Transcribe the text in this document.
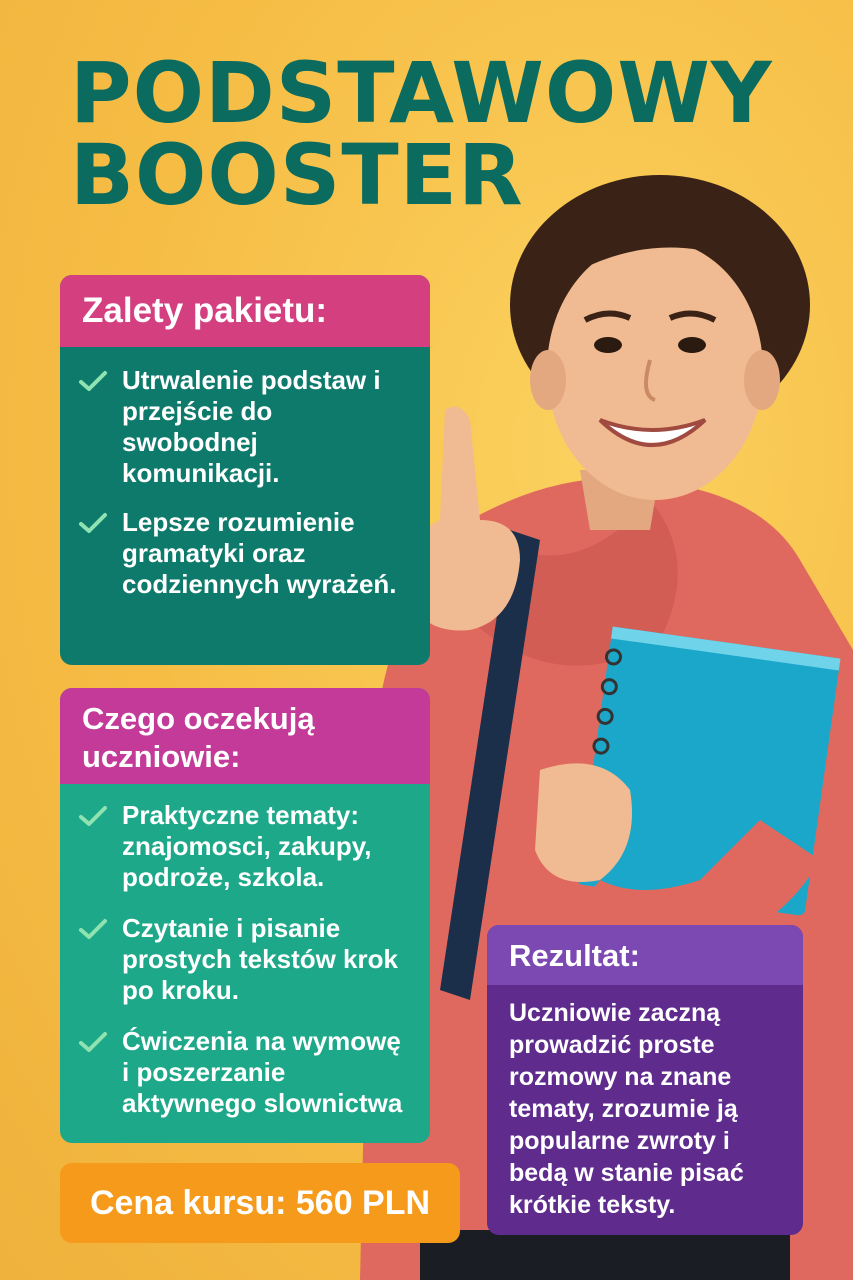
PODSTAWOWY
BOOSTER
Zalety pakietu:
Utrwalenie podstaw i przejście do swobodnej komunikacji.
Lepsze rozumienie gramatyki oraz codziennych wyrażeń.
Czego oczekują uczniowie:
Praktyczne tematy: znajomosci, zakupy, podroże, szkola.
Czytanie i pisanie prostych tekstów krok po kroku.
Ćwiczenia na wymowę i poszerzanie aktywnego slownictwa
Cena kursu: 560 PLN
Rezultat:
Uczniowie zaczną prowadzić proste rozmowy na znane tematy, zrozumie ją popularne zwroty i bedą w stanie pisać krótkie teksty.
